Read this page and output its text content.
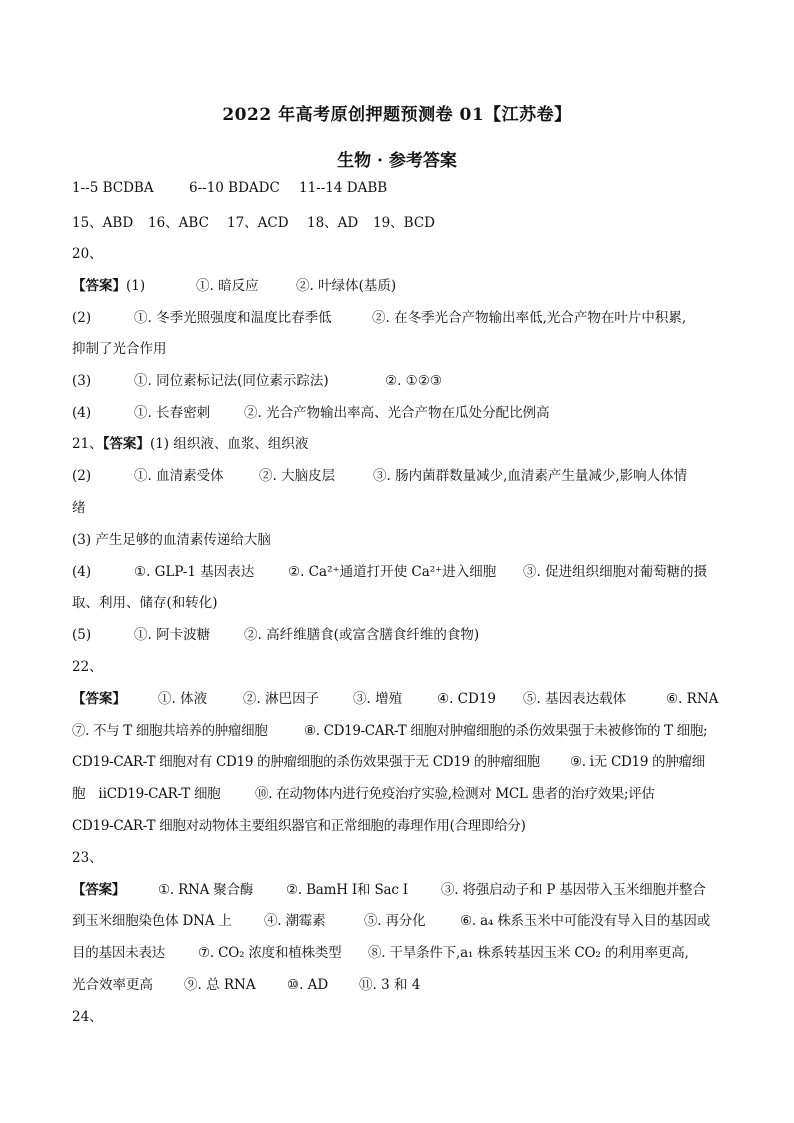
2022 年高考原创押题预测卷 01【江苏卷】
生物 · 参考答案
1--5 BCDBA	6--10 BDADC 11--14 DABB
15、ABD 16、ABC 17、ACD 18、AD 19、BCD
20、
【答案】(1)	①. 暗反应	②. 叶绿体(基质)
(2)	①. 冬季光照强度和温度比春季低	②. 在冬季光合产物输出率低,光合产物在叶片中积累,
抑制了光合作用
(3)	①. 同位素标记法(同位素示踪法)	②. ①②③
(4)	①. 长春密刺	②. 光合产物输出率高、光合产物在瓜处分配比例高
21、【答案】(1) 组织液、血浆、组织液
(2)	①. 血清素受体	②. 大脑皮层	③. 肠内菌群数量减少,血清素产生量减少,影响人体情
绪
(3) 产生足够的血清素传递给大脑
(4)	①. GLP-1 基因表达	②. Ca²⁺通道打开使 Ca²⁺进入细胞 ③. 促进组织细胞对葡萄糖的摄
取、利用、储存(和转化)
(5)	①. 阿卡波糖	②. 高纤维膳食(或富含膳食纤维的食物)
22、
【答案】 ①. 体液	②. 淋巴因子	③. 增殖	④. CD19 ⑤. 基因表达载体	⑥. RNA
⑦. 不与 T 细胞共培养的肿瘤细胞	⑧. CD19-CAR-T 细胞对肿瘤细胞的杀伤效果强于未被修饰的 T 细胞;
CD19-CAR-T 细胞对有 CD19 的肿瘤细胞的杀伤效果强于无 CD19 的肿瘤细胞 ⑨. ⅰ无 CD19 的肿瘤细
胞　ⅱCD19-CAR-T 细胞	⑩. 在动物体内进行免疫治疗实验,检测对 MCL 患者的治疗效果;评估
CD19-CAR-T 细胞对动物体主要组织器官和正常细胞的毒理作用(合理即给分)
23、
【答案】 ①. RNA 聚合酶 ②. BamH Ⅰ和 Sac Ⅰ ③. 将强启动子和 P 基因带入玉米细胞并整合
到玉米细胞染色体 DNA 上 ④. 潮霉素	⑤. 再分化	⑥. a₄ 株系玉米中可能没有导入目的基因或
目的基因未表达 ⑦. CO₂ 浓度和植株类型 ⑧. 干旱条件下,a₁ 株系转基因玉米 CO₂ 的利用率更高,
光合效率更高 ⑨. 总 RNA ⑩. AD ⑪. 3 和 4
24、
